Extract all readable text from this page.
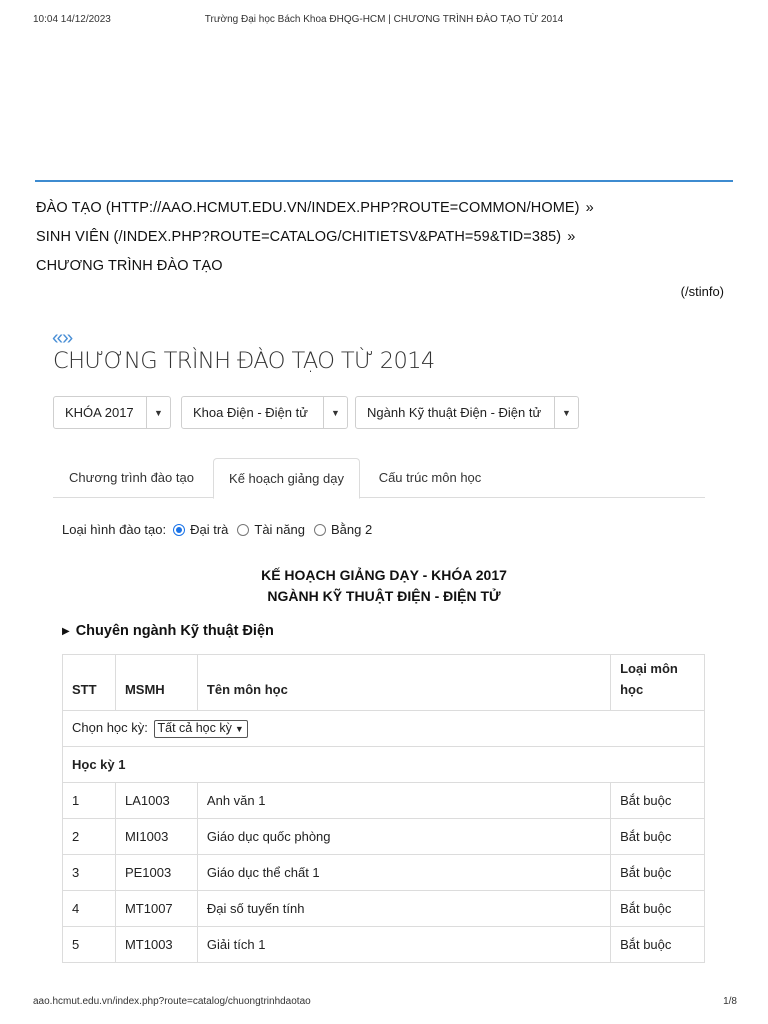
10:04 14/12/2023	Trường Đại học Bách Khoa ĐHQG-HCM | CHƯƠNG TRÌNH ĐÀO TẠO TỪ 2014
ĐÀO TẠO (HTTP://AAO.HCMUT.EDU.VN/INDEX.PHP?ROUTE=COMMON/HOME) »
SINH VIÊN (/INDEX.PHP?ROUTE=CATALOG/CHITIETSV&PATH=59&TID=385) »
CHƯƠNG TRÌNH ĐÀO TẠO
(/stinfo)
«»
CHƯƠNG TRÌNH ĐÀO TẠO TỪ 2014
KHÓA 2017	▼	Khoa Điện - Điện tử	▼	Ngành Kỹ thuật Điện - Điện tử	▼
Chương trình đào tạo	Kế hoạch giảng dạy	Cấu trúc môn học
Loại hình đào tạo: Đại trà Tài năng Bằng 2
KẾ HOẠCH GIẢNG DẠY - KHÓA 2017
NGÀNH KỸ THUẬT ĐIỆN - ĐIỆN TỬ
▶ Chuyên ngành Kỹ thuật Điện
STT	MSMH	Tên môn học	Loại môn học
Chọn học kỳ: Tất cả học kỳ ▼			
Học kỳ 1			
1	LA1003	Anh văn 1	Bắt buộc
2	MI1003	Giáo dục quốc phòng	Bắt buộc
3	PE1003	Giáo dục thể chất 1	Bắt buộc
4	MT1007	Đại số tuyến tính	Bắt buộc
5	MT1003	Giải tích 1	Bắt buộc
aao.hcmut.edu.vn/index.php?route=catalog/chuongtrinhdaotao	1/8
